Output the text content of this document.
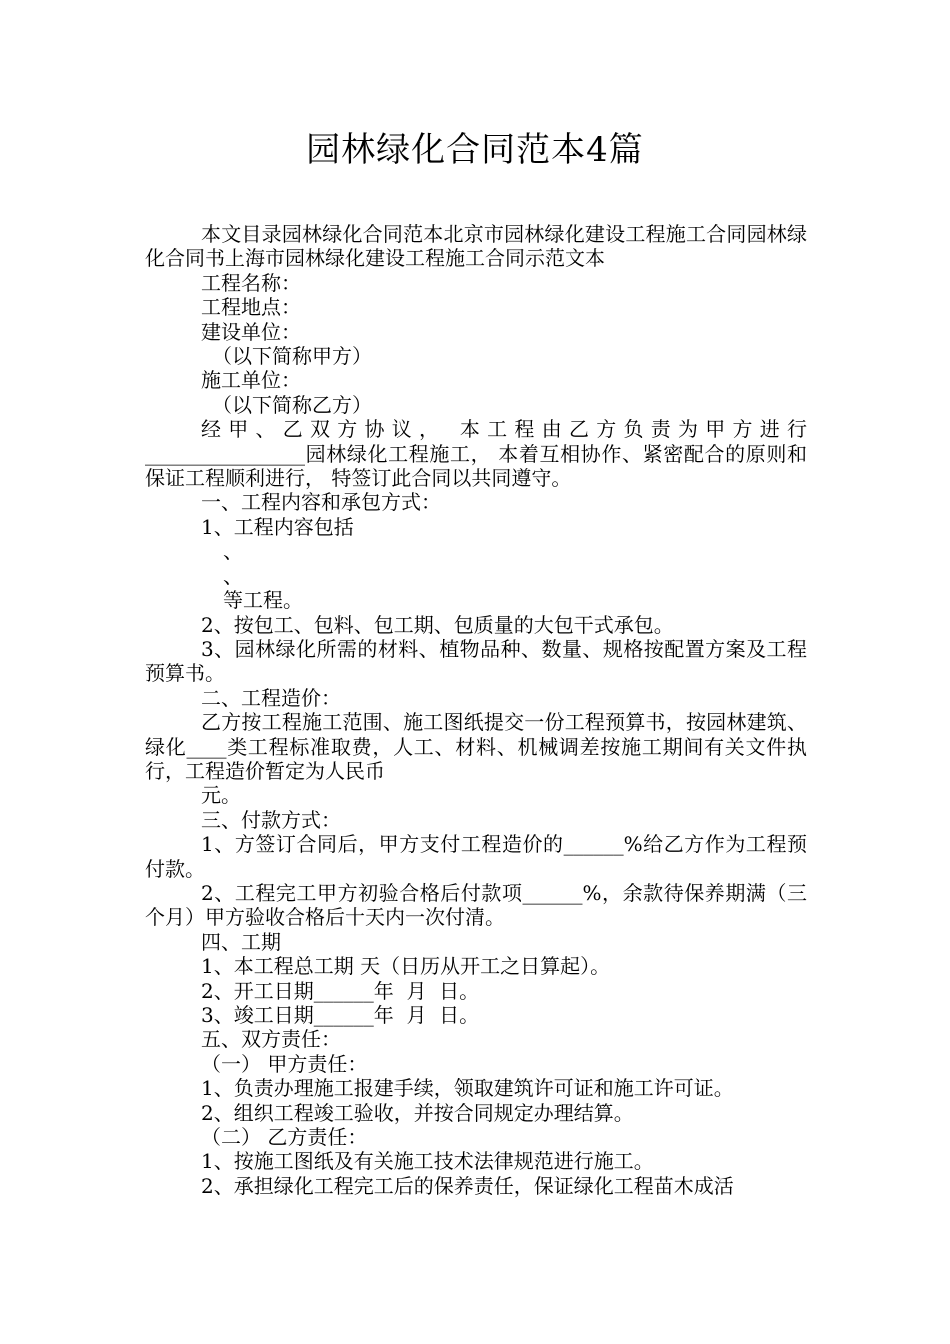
园林绿化合同范本4篇

本文目录园林绿化合同范本北京市园林绿化建设工程施工合同园林绿化合同书上海市园林绿化建设工程施工合同示范文本

工程名称：

工程地点：

建设单位：

（以下简称甲方）

施工单位：

（以下简称乙方）

经甲、乙双方协议， 本工程由乙方负责为甲方进行________________园林绿化工程施工， 本着互相协作、紧密配合的原则和保证工程顺利进行， 特签订此合同以共同遵守。

一、工程内容和承包方式：

1、工程内容包括

、

、

等工程。

2、按包工、包料、包工期、包质量的大包干式承包。

3、园林绿化所需的材料、植物品种、数量、规格按配置方案及工程预算书。

二、工程造价：

乙方按工程施工范围、施工图纸提交一份工程预算书，按园林建筑、绿化____类工程标准取费，人工、材料、机械调差按施工期间有关文件执行，工程造价暂定为人民币

元。

三、付款方式：

1、方签订合同后，甲方支付工程造价的______%给乙方作为工程预付款。

2、工程完工甲方初验合格后付款项______%，余款待保养期满（三个月）甲方验收合格后十天内一次付清。

四、工期

1、本工程总工期 天（日历从开工之日算起）。

2、开工日期______年  月  日。

3、竣工日期______年  月  日。

五、双方责任：

（一） 甲方责任：

1、负责办理施工报建手续，领取建筑许可证和施工许可证。

2、组织工程竣工验收，并按合同规定办理结算。

（二） 乙方责任：

1、按施工图纸及有关施工技术法律规范进行施工。

2、承担绿化工程完工后的保养责任，保证绿化工程苗木成活
